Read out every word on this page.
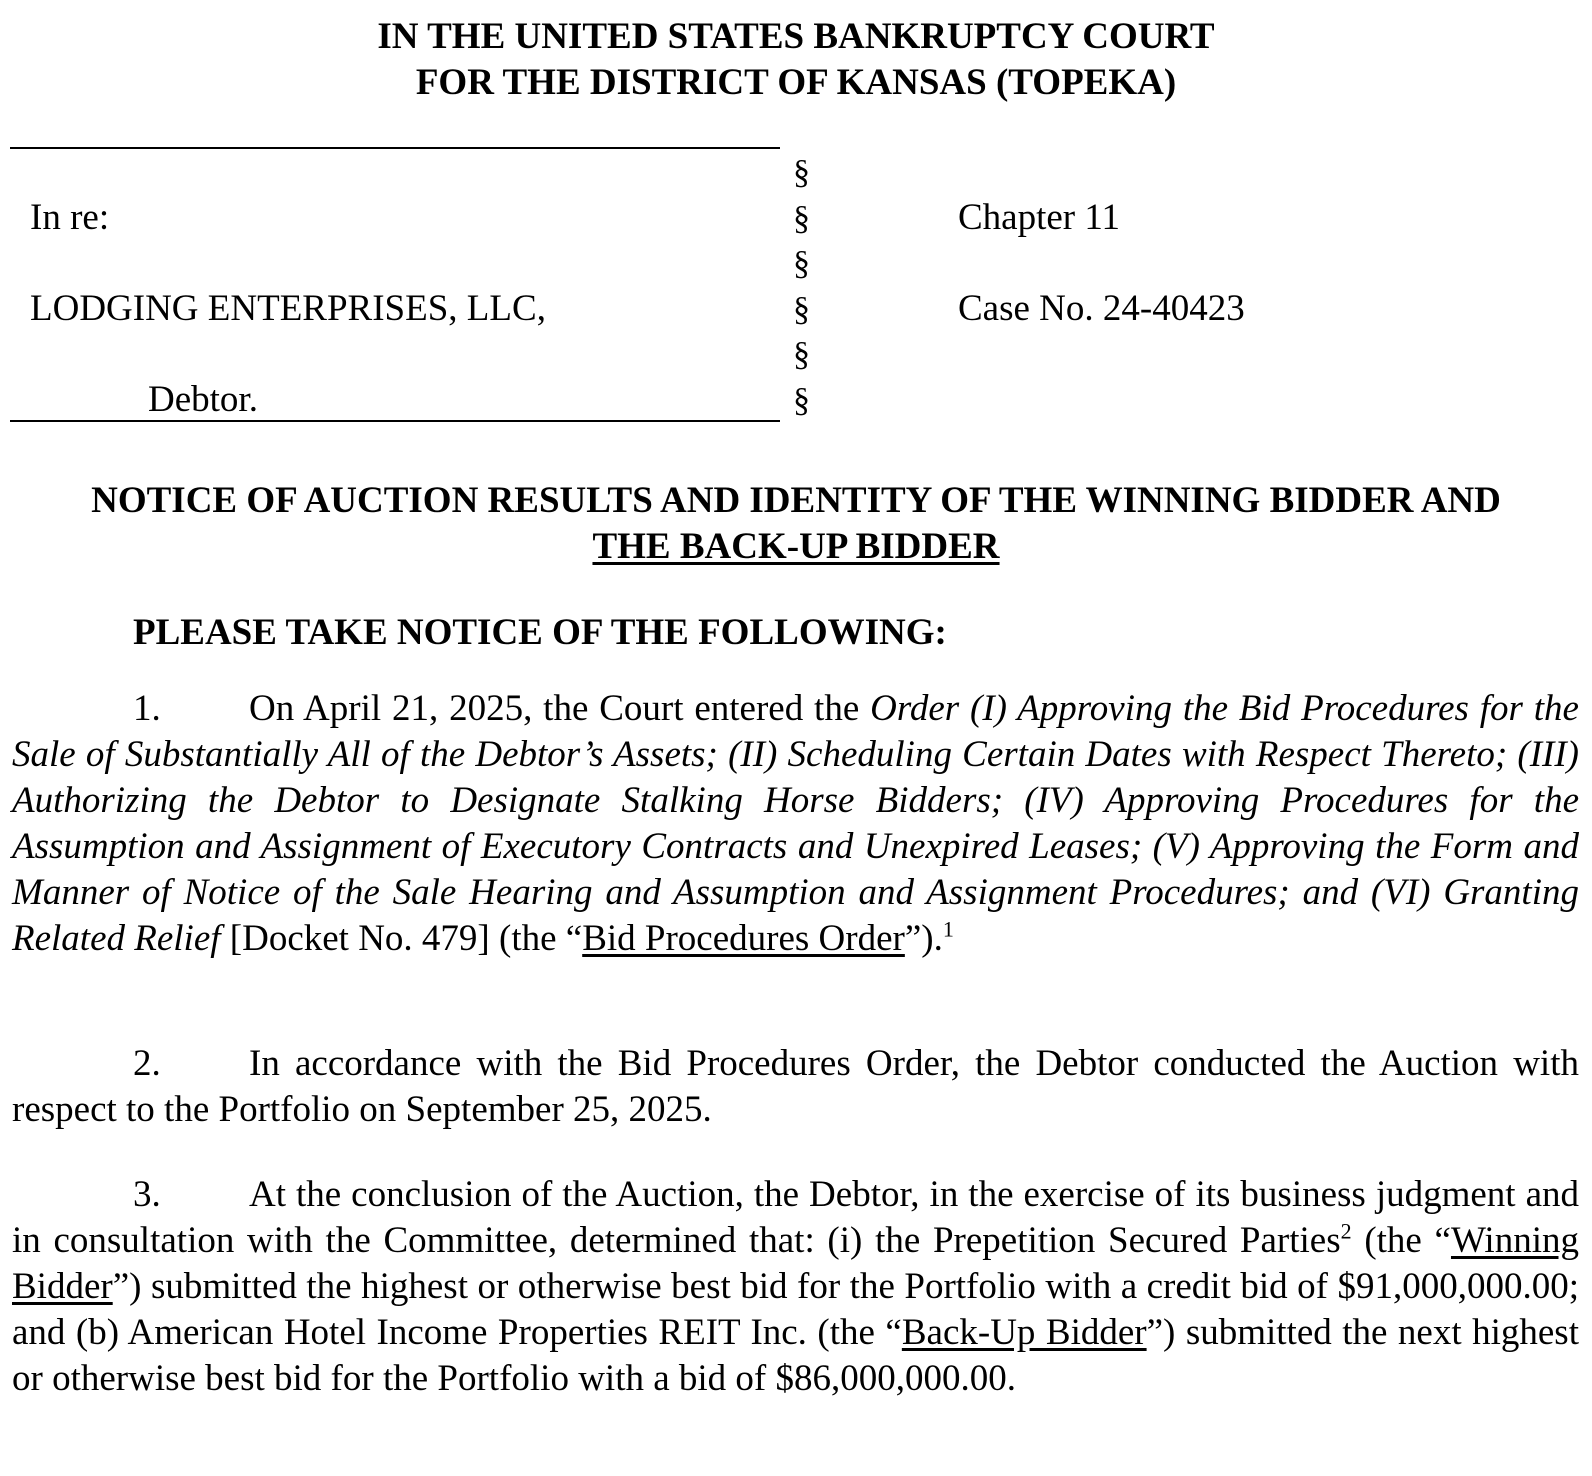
IN THE UNITED STATES BANKRUPTCY COURT
FOR THE DISTRICT OF KANSAS (TOPEKA)
In re:
LODGING ENTERPRISES, LLC,
Debtor.
§
§
§
§
§
§
Chapter 11
Case No. 24-40423
NOTICE OF AUCTION RESULTS AND IDENTITY OF THE WINNING BIDDER AND
THE BACK-UP BIDDER
PLEASE TAKE NOTICE OF THE FOLLOWING:
1. On April 21, 2025, the Court entered the Order (I) Approving the Bid Procedures for the Sale of Substantially All of the Debtor’s Assets; (II) Scheduling Certain Dates with Respect Thereto; (III) Authorizing the Debtor to Designate Stalking Horse Bidders; (IV) Approving Procedures for the Assumption and Assignment of Executory Contracts and Unexpired Leases; (V) Approving the Form and Manner of Notice of the Sale Hearing and Assumption and Assignment Procedures; and (VI) Granting Related Relief [Docket No. 479] (the “Bid Procedures Order”).$^1$
2. In accordance with the Bid Procedures Order, the Debtor conducted the Auction with respect to the Portfolio on September 25, 2025.
3. At the conclusion of the Auction, the Debtor, in the exercise of its business judgment and in consultation with the Committee, determined that: (i) the Prepetition Secured Parties$^2$ (the “Winning Bidder”) submitted the highest or otherwise best bid for the Portfolio with a credit bid of $91,000,000.00; and (b) American Hotel Income Properties REIT Inc. (the “Back-Up Bidder”) submitted the next highest or otherwise best bid for the Portfolio with a bid of $86,000,000.00.
